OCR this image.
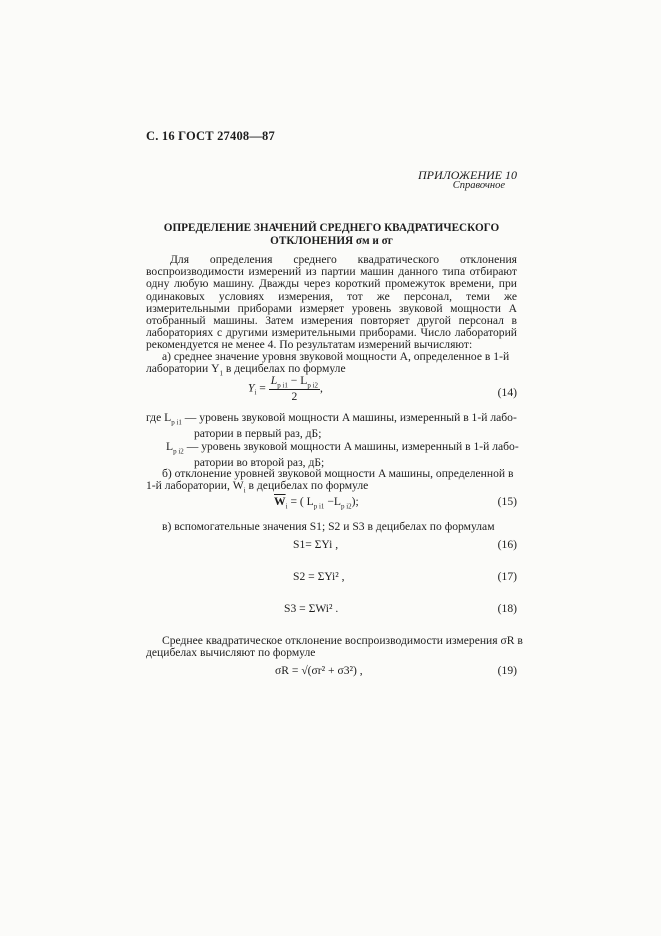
С. 16 ГОСТ 27408—87
ПРИЛОЖЕНИЕ 10
Справочное
ОПРЕДЕЛЕНИЕ ЗНАЧЕНИЙ СРЕДНЕГО КВАДРАТИЧЕСКОГО
ОТКЛОНЕНИЯ σм и σг
Для определения среднего квадратического отклонения воспроизводимости измерений из партии машин данного типа отбирают одну любую машину. Дважды через короткий промежуток времени, при одинаковых условиях измерения, тот же персонал, теми же измерительными приборами измеряет уровень звуковой мощности A отобранный машины. Затем измерения повторяет другой персонал в лабораториях с другими измерительными приборами. Число лабораторий рекомендуется не менее 4. По результатам измерений вычисляют:
а) среднее значение уровня звуковой мощности A, определенное в 1-й
лаборатории $Y_1$ в децибелах по формуле
$Y_i = \frac{L_{p i1} - L_{p i2}}{2}$ ,	(14)
где $L_{p i1}$ — уровень звуковой мощности A машины, измеренный в 1-й лабо-
ратории в первый раз, дБ;
$L_{p i2}$ — уровень звуковой мощности A машины, измеренный в 1-й лабо-
ратории во второй раз, дБ;
б) отклонение уровней звуковой мощности A машины, определенной в
1-й лаборатории, $W_i$ в децибелах по формуле
$\overline{W}_i$ = ( $L_{p i1} -L_{p i2}$);	(15)
в) вспомогательные значения S1; S2 и S3 в децибелах по формулам
S1= ΣYi ,	(16)
S2 = ΣYi² ,	(17)
S3 = ΣWi² .	(18)
Среднее квадратическое отклонение воспроизводимости измерения σR в
децибелах вычисляют по формуле
σR = √(σr² + σ3²) ,	(19)
